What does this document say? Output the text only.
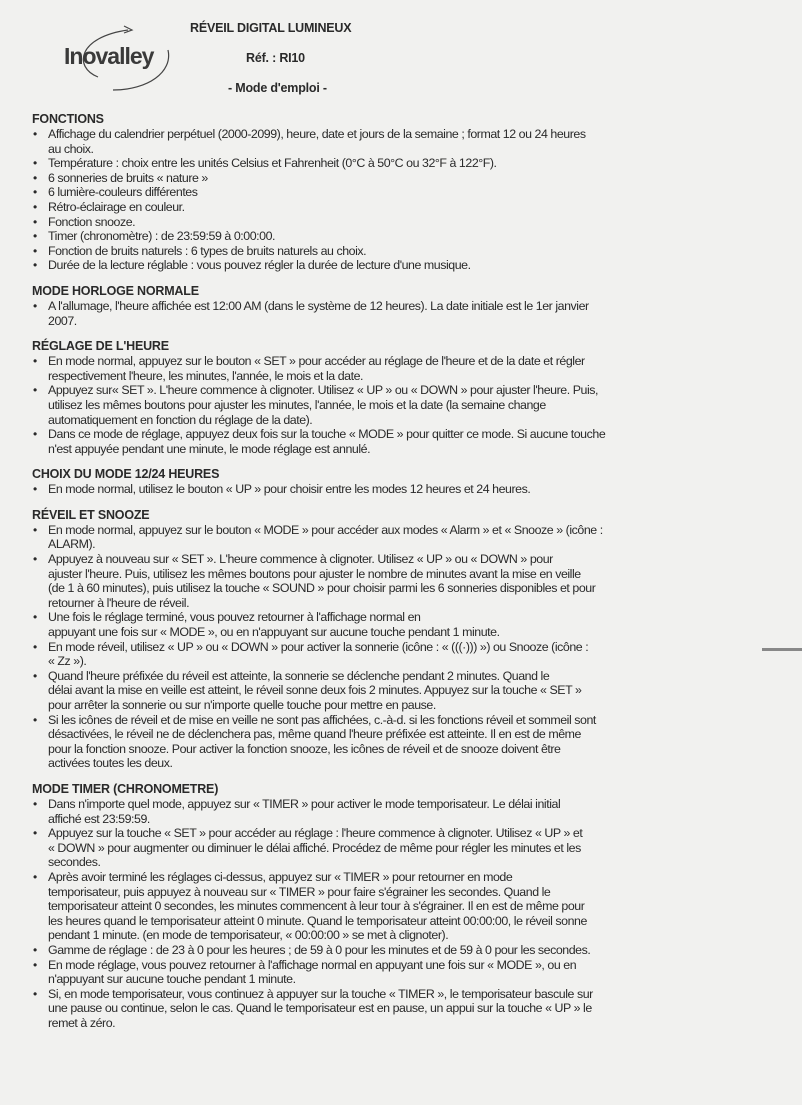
Inovalley
RÉVEIL DIGITAL LUMINEUX
Réf. : RI10
- Mode d'emploi -
FONCTIONS
• Affichage du calendrier perpétuel (2000-2099), heure, date et jours de la semaine ; format 12 ou 24 heures
au choix.
• Température : choix entre les unités Celsius et Fahrenheit (0°C à 50°C ou 32°F à 122°F).
• 6 sonneries de bruits « nature »
• 6 lumière-couleurs différentes
• Rétro-éclairage en couleur.
• Fonction snooze.
• Timer (chronomètre) : de 23:59:59 à 0:00:00.
• Fonction de bruits naturels : 6 types de bruits naturels au choix.
• Durée de la lecture réglable : vous pouvez régler la durée de lecture d'une musique.
MODE HORLOGE NORMALE
• A l'allumage, l'heure affichée est 12:00 AM (dans le système de 12 heures). La date initiale est le 1er janvier
2007.
RÉGLAGE DE L'HEURE
• En mode normal, appuyez sur le bouton « SET » pour accéder au réglage de l'heure et de la date et régler
respectivement l'heure, les minutes, l'année, le mois et la date.
• Appuyez sur« SET ». L'heure commence à clignoter. Utilisez « UP » ou « DOWN » pour ajuster l'heure. Puis,
utilisez les mêmes boutons pour ajuster les minutes, l'année, le mois et la date (la semaine change
automatiquement en fonction du réglage de la date).
• Dans ce mode de réglage, appuyez deux fois sur la touche « MODE » pour quitter ce mode. Si aucune touche
n'est appuyée pendant une minute, le mode réglage est annulé.
CHOIX DU MODE 12/24 HEURES
• En mode normal, utilisez le bouton « UP » pour choisir entre les modes 12 heures et 24 heures.
RÉVEIL ET SNOOZE
• En mode normal, appuyez sur le bouton « MODE » pour accéder aux modes « Alarm » et « Snooze » (icône :
ALARM).
• Appuyez à nouveau sur « SET ». L'heure commence à clignoter. Utilisez « UP » ou « DOWN » pour
ajuster l'heure. Puis, utilisez les mêmes boutons pour ajuster le nombre de minutes avant la mise en veille
(de 1 à 60 minutes), puis utilisez la touche « SOUND » pour choisir parmi les 6 sonneries disponibles et pour
retourner à l'heure de réveil.
• Une fois le réglage terminé, vous pouvez retourner à l'affichage normal en
appuyant une fois sur « MODE », ou en n'appuyant sur aucune touche pendant 1 minute.
• En mode réveil, utilisez « UP » ou « DOWN » pour activer la sonnerie (icône : « (((·))) ») ou Snooze (icône :
« Zz »).
• Quand l'heure préfixée du réveil est atteinte, la sonnerie se déclenche pendant 2 minutes. Quand le
délai avant la mise en veille est atteint, le réveil sonne deux fois 2 minutes. Appuyez sur la touche « SET »
pour arrêter la sonnerie ou sur n'importe quelle touche pour mettre en pause.
• Si les icônes de réveil et de mise en veille ne sont pas affichées, c.-à-d. si les fonctions réveil et sommeil sont
désactivées, le réveil ne de déclenchera pas, même quand l'heure préfixée est atteinte. Il en est de même
pour la fonction snooze. Pour activer la fonction snooze, les icônes de réveil et de snooze doivent être
activées toutes les deux.
MODE TIMER (CHRONOMETRE)
• Dans n'importe quel mode, appuyez sur « TIMER » pour activer le mode temporisateur. Le délai initial
affiché est 23:59:59.
• Appuyez sur la touche « SET » pour accéder au réglage : l'heure commence à clignoter. Utilisez « UP » et
« DOWN » pour augmenter ou diminuer le délai affiché. Procédez de même pour régler les minutes et les
secondes.
• Après avoir terminé les réglages ci-dessus, appuyez sur « TIMER » pour retourner en mode
temporisateur, puis appuyez à nouveau sur « TIMER » pour faire s'égrainer les secondes. Quand le
temporisateur atteint 0 secondes, les minutes commencent à leur tour à s'égrainer. Il en est de même pour
les heures quand le temporisateur atteint 0 minute. Quand le temporisateur atteint 00:00:00, le réveil sonne
pendant 1 minute. (en mode de temporisateur, « 00:00:00 » se met à clignoter).
• Gamme de réglage : de 23 à 0 pour les heures ; de 59 à 0 pour les minutes et de 59 à 0 pour les secondes.
• En mode réglage, vous pouvez retourner à l'affichage normal en appuyant une fois sur « MODE », ou en
n'appuyant sur aucune touche pendant 1 minute.
• Si, en mode temporisateur, vous continuez à appuyer sur la touche « TIMER », le temporisateur bascule sur
une pause ou continue, selon le cas. Quand le temporisateur est en pause, un appui sur la touche « UP » le
remet à zéro.
